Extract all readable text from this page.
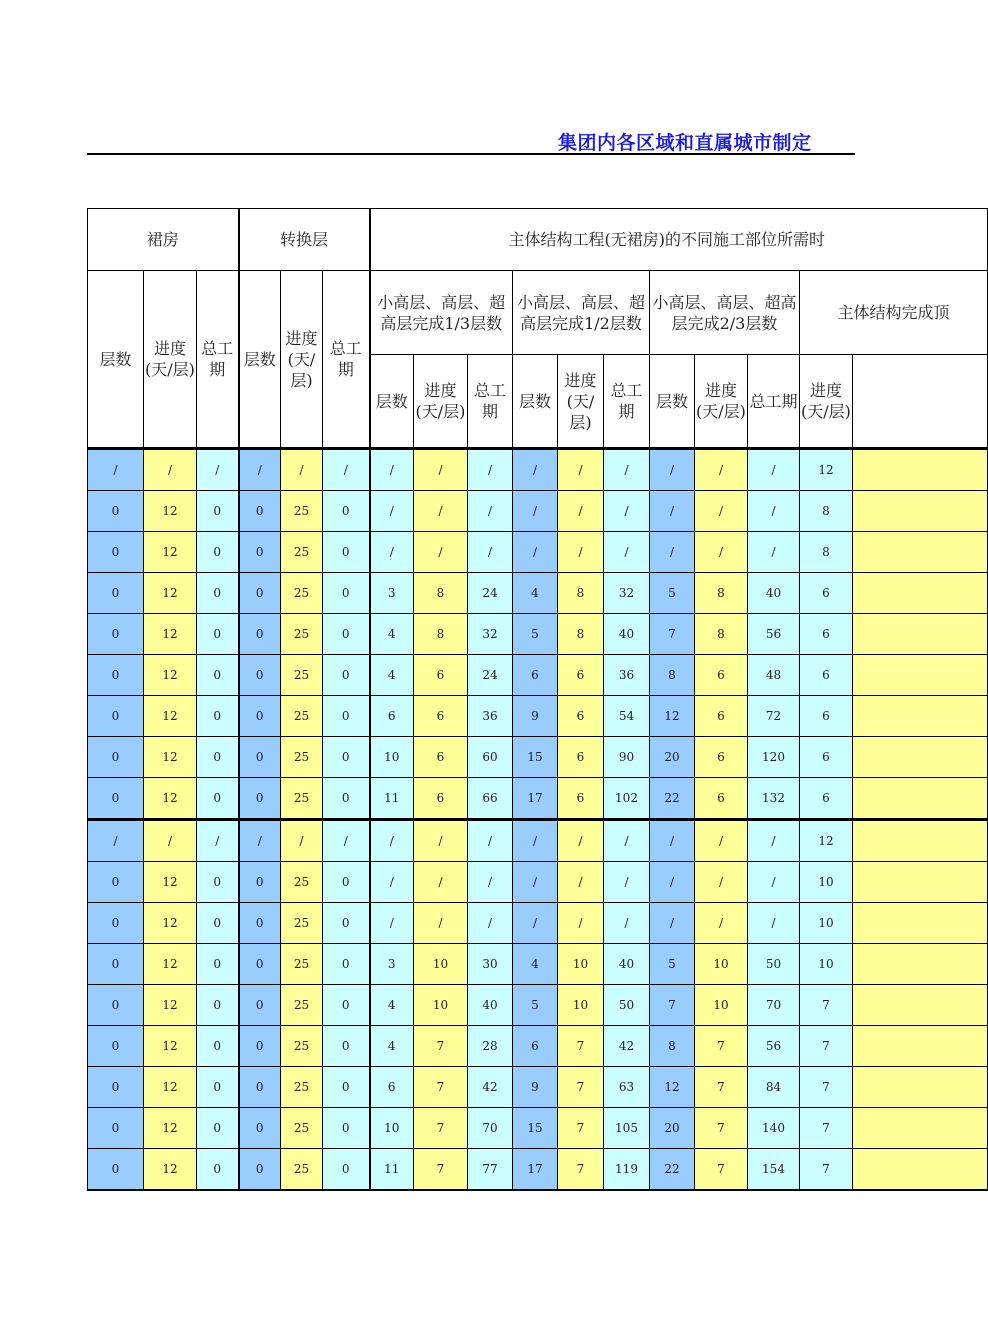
集团内各区域和直属城市制定
裙房			转换层			主体结构工程(无裙房)的不同施工部位所需时										
层数	进度(天/层)	总工期	层数	进度(天/层)	总工期	小高层、高层、超高层完成1/3层数			小高层、高层、超高层完成1/2层数			小高层、高层、超高层完成2/3层数			主体结构完成顶	
						层数	进度(天/层)	总工期	层数	进度(天/层)	总工期	层数	进度(天/层)	总工期	进度(天/层)	
/	/	/	/	/	/	/	/	/	/	/	/	/	/	/	12	
0	12	0	0	25	0	/	/	/	/	/	/	/	/	/	8	
0	12	0	0	25	0	/	/	/	/	/	/	/	/	/	8	
0	12	0	0	25	0	3	8	24	4	8	32	5	8	40	6	
0	12	0	0	25	0	4	8	32	5	8	40	7	8	56	6	
0	12	0	0	25	0	4	6	24	6	6	36	8	6	48	6	
0	12	0	0	25	0	6	6	36	9	6	54	12	6	72	6	
0	12	0	0	25	0	10	6	60	15	6	90	20	6	120	6	
0	12	0	0	25	0	11	6	66	17	6	102	22	6	132	6	
/	/	/	/	/	/	/	/	/	/	/	/	/	/	/	12	
0	12	0	0	25	0	/	/	/	/	/	/	/	/	/	10	
0	12	0	0	25	0	/	/	/	/	/	/	/	/	/	10	
0	12	0	0	25	0	3	10	30	4	10	40	5	10	50	10	
0	12	0	0	25	0	4	10	40	5	10	50	7	10	70	7	
0	12	0	0	25	0	4	7	28	6	7	42	8	7	56	7	
0	12	0	0	25	0	6	7	42	9	7	63	12	7	84	7	
0	12	0	0	25	0	10	7	70	15	7	105	20	7	140	7	
0	12	0	0	25	0	11	7	77	17	7	119	22	7	154	7	
